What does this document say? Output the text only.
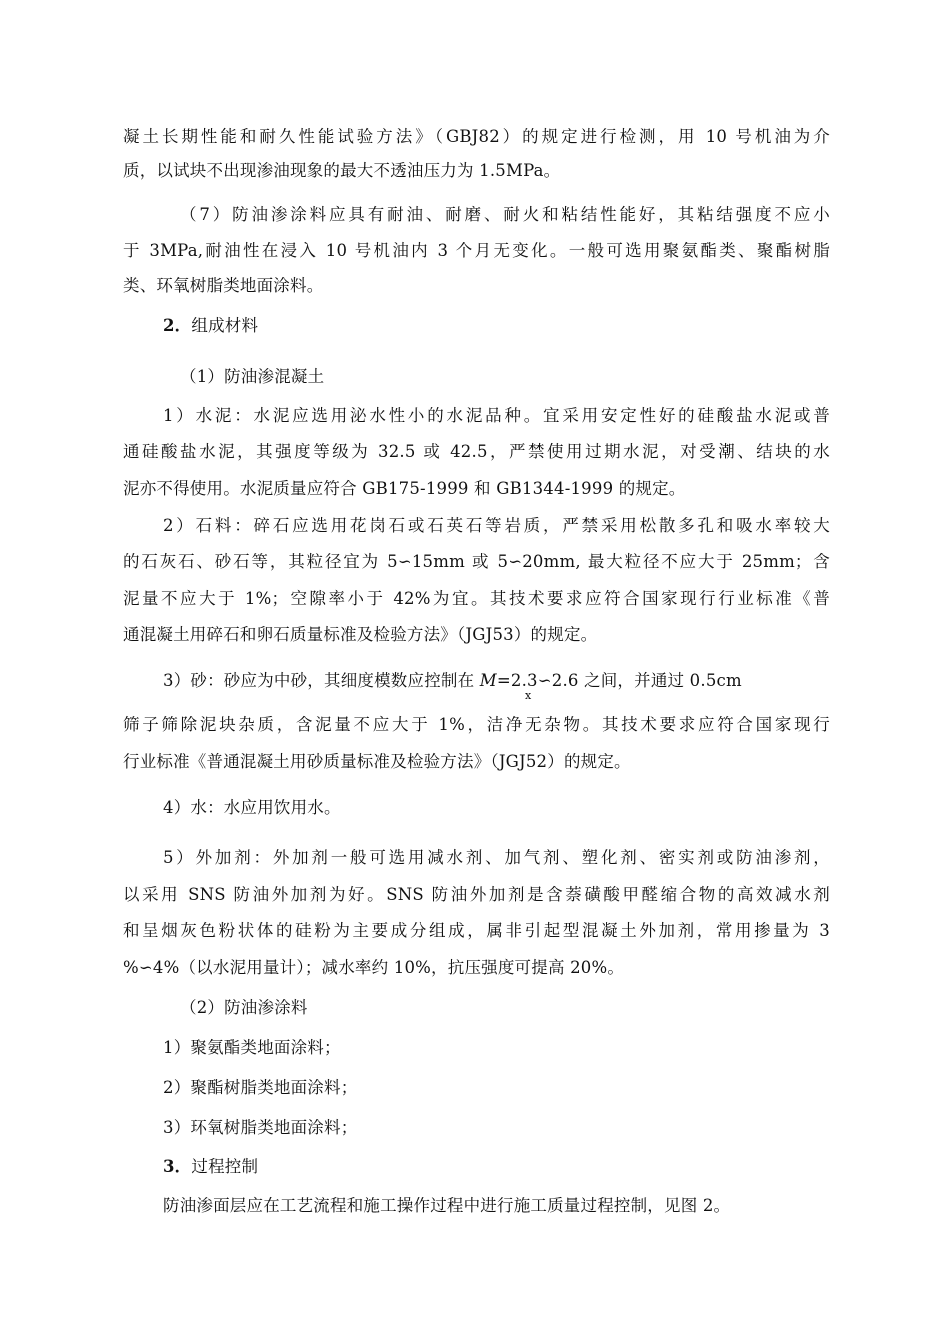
凝土长期性能和耐久性能试验方法》（GBJ82）的规定进行检测，用 10 号机油为介
质，以试块不出现渗油现象的最大不透油压力为 1.5MPa。
（7）防油渗涂料应具有耐油、耐磨、耐火和粘结性能好，其粘结强度不应小
于 3MPa,耐油性在浸入 10 号机油内 3 个月无变化。一般可选用聚氨酯类、聚酯树脂
类、环氧树脂类地面涂料。
2．组成材料
（1）防油渗混凝土
1）水泥：水泥应选用泌水性小的水泥品种。宜采用安定性好的硅酸盐水泥或普
通硅酸盐水泥，其强度等级为 32.5 或 42.5，严禁使用过期水泥，对受潮、结块的水
泥亦不得使用。水泥质量应符合 GB175-1999 和 GB1344-1999 的规定。
2）石料：碎石应选用花岗石或石英石等岩质，严禁采用松散多孔和吸水率较大
的石灰石、砂石等，其粒径宜为 5∽15mm 或 5∽20mm, 最大粒径不应大于 25mm；含
泥量不应大于 1%；空隙率小于 42%为宜。其技术要求应符合国家现行行业标准《普
通混凝土用碎石和卵石质量标准及检验方法》（JGJ53）的规定。
3）砂：砂应为中砂，其细度模数应控制在 M=2.3∽2.6 之间，并通过 0.5cm
x
筛子筛除泥块杂质，含泥量不应大于 1%，洁净无杂物。其技术要求应符合国家现行
行业标准《普通混凝土用砂质量标准及检验方法》（JGJ52）的规定。
4）水：水应用饮用水。
5）外加剂：外加剂一般可选用减水剂、加气剂、塑化剂、密实剂或防油渗剂，
以采用 SNS 防油外加剂为好。SNS 防油外加剂是含萘磺酸甲醛缩合物的高效减水剂
和呈烟灰色粉状体的硅粉为主要成分组成，属非引起型混凝土外加剂，常用掺量为 3
%∽4%（以水泥用量计）；减水率约 10%，抗压强度可提高 20%。
（2）防油渗涂料
1）聚氨酯类地面涂料；
2）聚酯树脂类地面涂料；
3）环氧树脂类地面涂料；
3．过程控制
防油渗面层应在工艺流程和施工操作过程中进行施工质量过程控制，见图 2。
